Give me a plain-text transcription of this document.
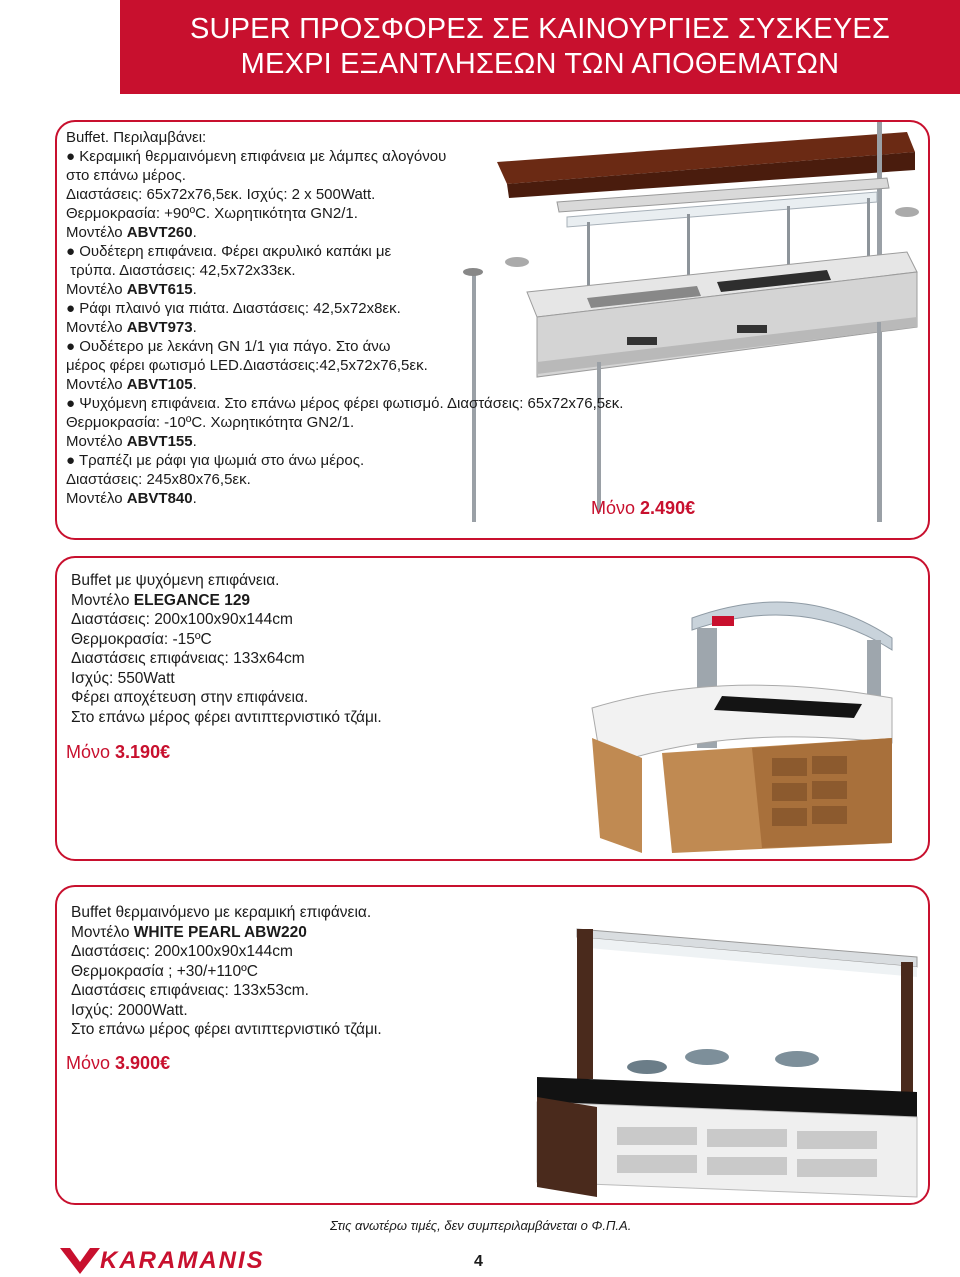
SUPER ΠΡΟΣΦΟΡΕΣ ΣΕ ΚΑΙΝΟΥΡΓΙΕΣ ΣΥΣΚΕΥΕΣ
ΜΕΧΡΙ ΕΞΑΝΤΛΗΣΕΩΝ ΤΩΝ ΑΠΟΘΕΜΑΤΩΝ
Buffet. Περιλαμβάνει:
● Κεραμική θερμαινόμενη επιφάνεια με λάμπες αλογόνου
στο επάνω μέρος.
Διαστάσεις: 65x72x76,5εκ. Ισχύς: 2 x 500Watt.
Θερμοκρασία: +90ºC. Χωρητικότητα GN2/1.
Μοντέλο ABVT260.
● Ουδέτερη επιφάνεια. Φέρει ακρυλικό καπάκι με
τρύπα. Διαστάσεις: 42,5x72x33εκ.
Μοντέλο ABVT615.
● Ράφι πλαινό για πιάτα. Διαστάσεις: 42,5x72x8εκ.
Μοντέλο ABVT973.
● Ουδέτερο με λεκάνη GN 1/1 για πάγο. Στο άνω
μέρος φέρει φωτισμό LED.Διαστάσεις:42,5x72x76,5εκ.
Μοντέλο ABVT105.
● Ψυχόμενη επιφάνεια. Στο επάνω μέρος φέρει φωτισμό. Διαστάσεις: 65x72x76,5εκ.
Θερμοκρασία: -10ºC. Χωρητικότητα GN2/1.
Μοντέλο ABVT155.
● Τραπέζι με ράφι για ψωμιά στο άνω μέρος.
Διαστάσεις: 245x80x76,5εκ.
Μοντέλο ABVT840.	Μόνο 2.490€
Buffet με ψυχόμενη επιφάνεια.
Μοντέλο ELEGANCE 129
Διαστάσεις: 200x100x90x144cm
Θερμοκρασία: -15ºC
Διαστάσεις επιφάνειας: 133x64cm
Ισχύς: 550Watt
Φέρει αποχέτευση στην επιφάνεια.
Στο επάνω μέρος φέρει αντιπτερνιστικό τζάμι.
Μόνο 3.190€
Buffet θερμαινόμενο με κεραμική επιφάνεια.
Μοντέλο WHITE PEARL ABW220
Διαστάσεις: 200x100x90x144cm
Θερμοκρασία ; +30/+110ºC
Διαστάσεις επιφάνειας: 133x53cm.
Ισχύς: 2000Watt.
Στο επάνω μέρος φέρει αντιπτερνιστικό τζάμι.
Μόνο 3.900€
Στις ανωτέρω τιμές, δεν συμπεριλαμβάνεται ο Φ.Π.Α.
KARAMANIS	4
